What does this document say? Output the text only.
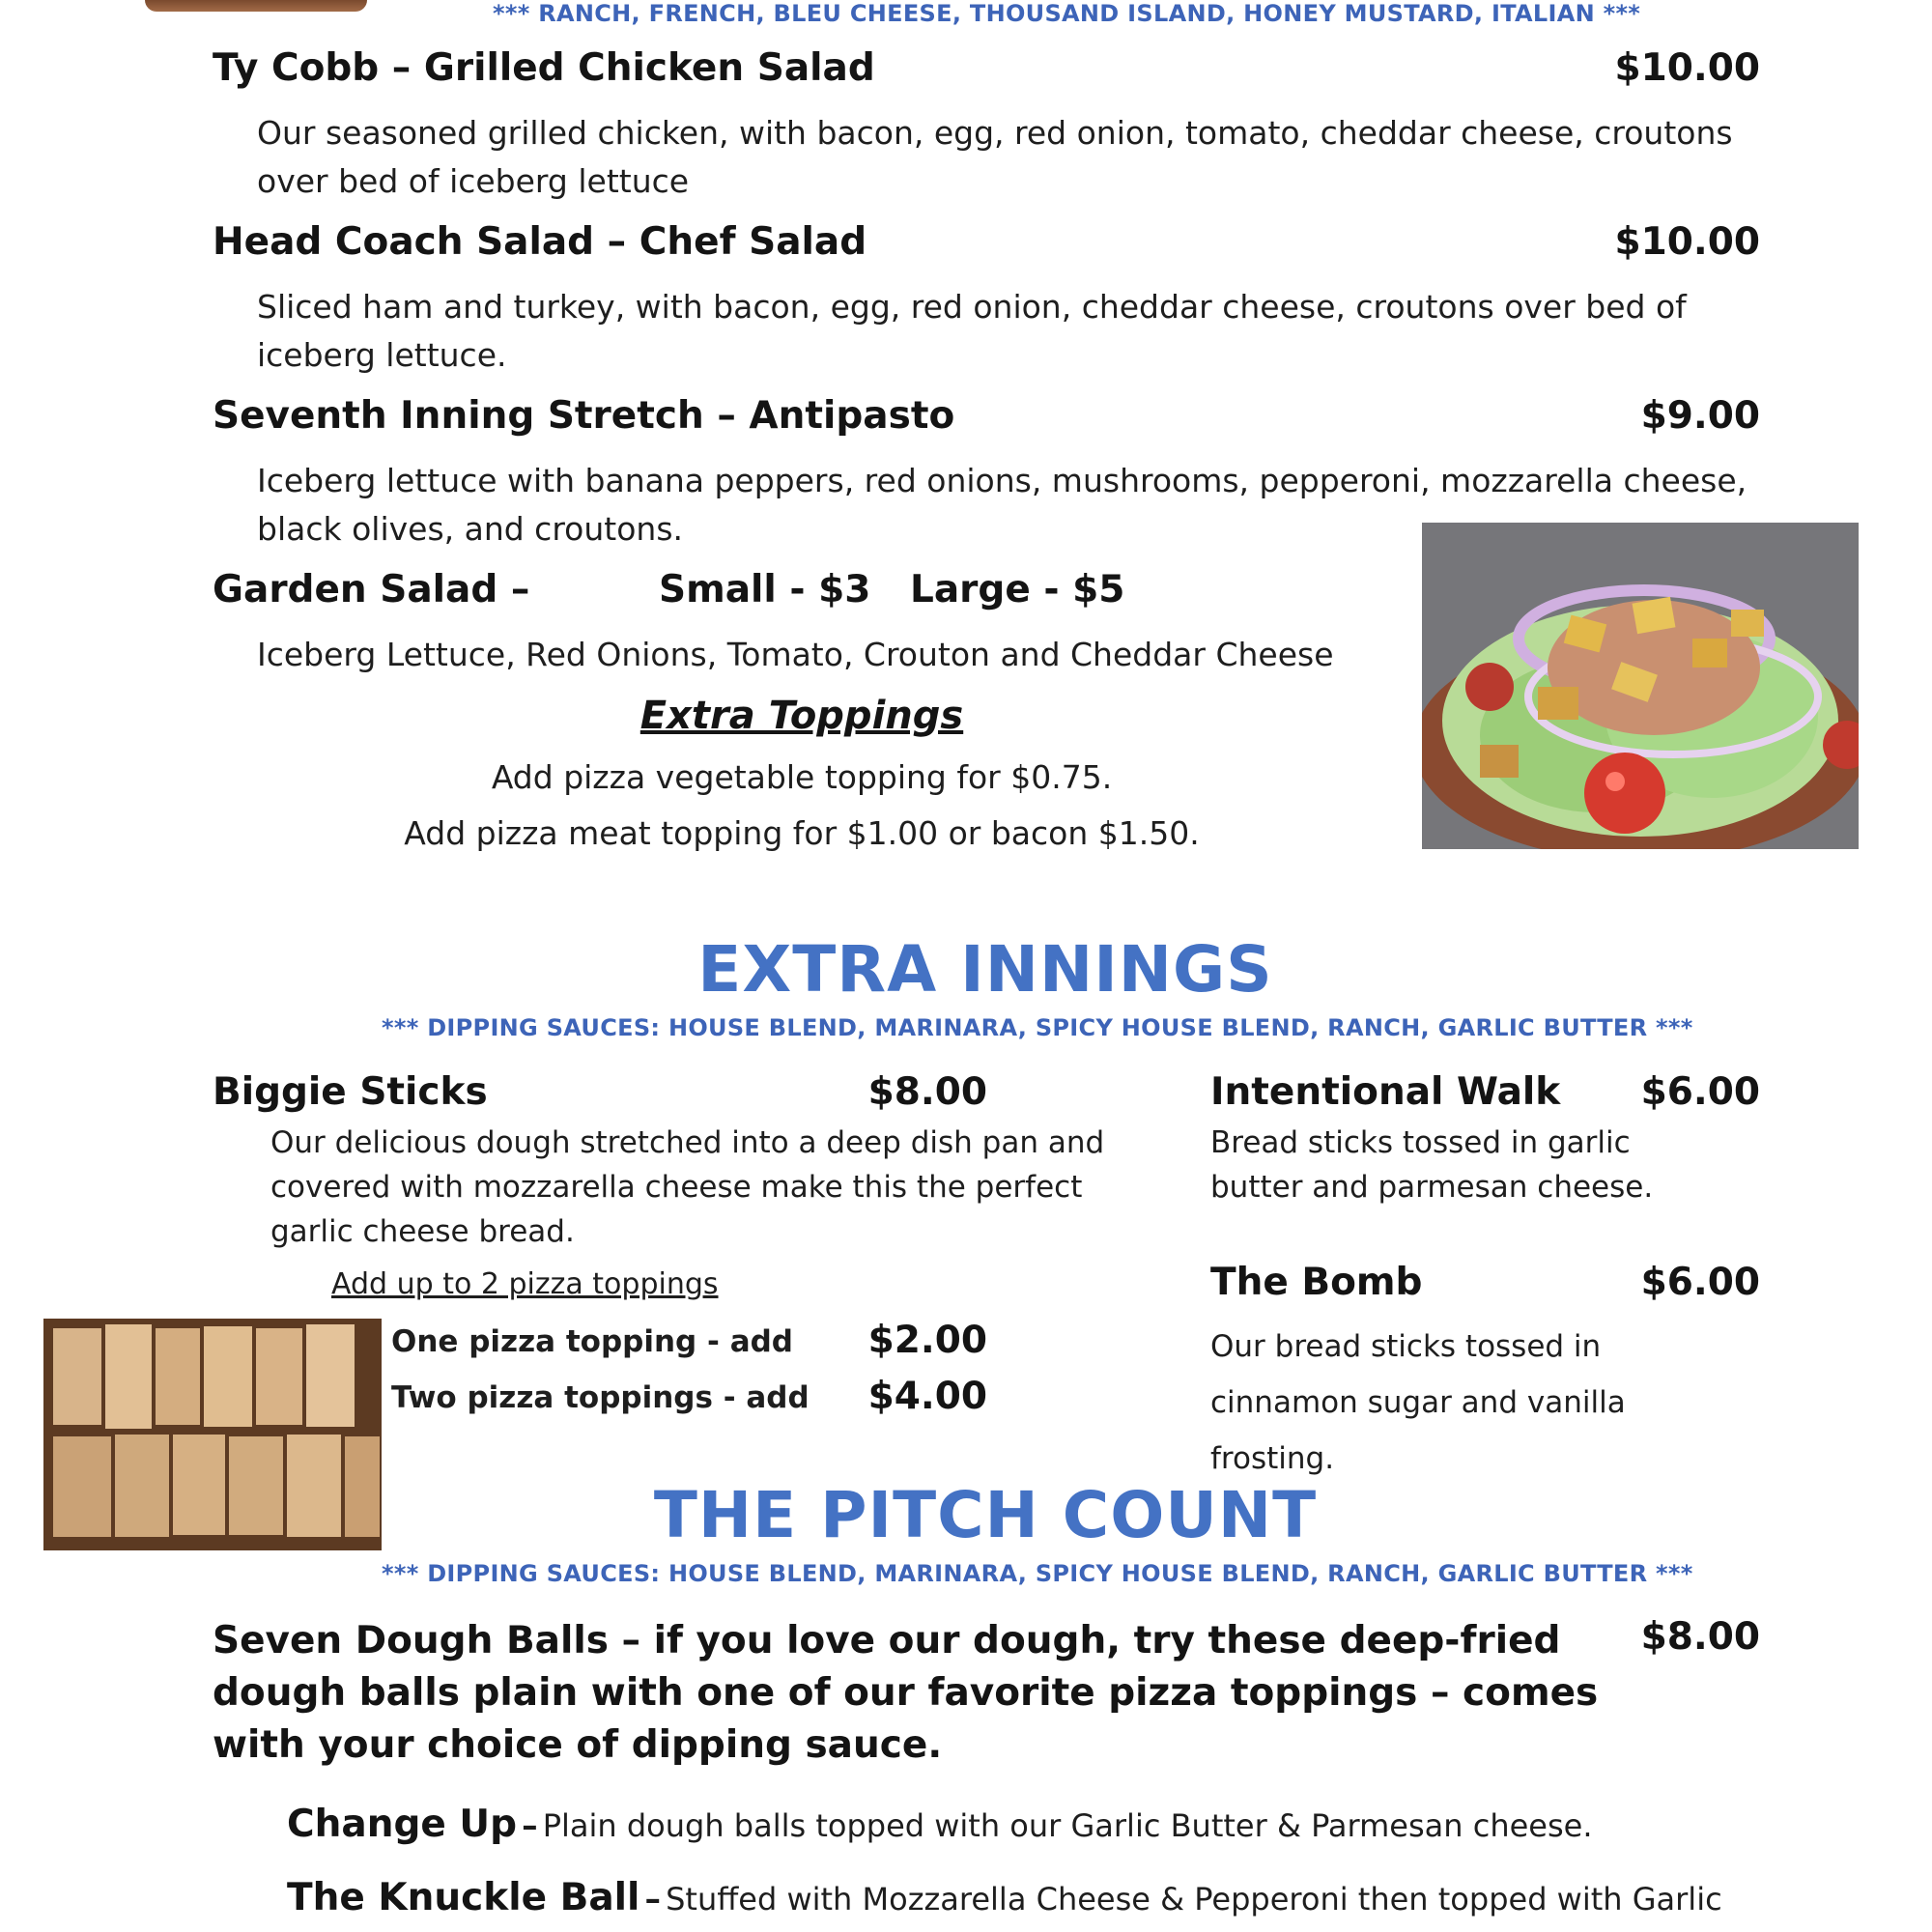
*** RANCH, FRENCH, BLEU CHEESE, THOUSAND ISLAND, HONEY MUSTARD, ITALIAN ***
Ty Cobb – Grilled Chicken Salad	$10.00
Our seasoned grilled chicken, with bacon, egg, red onion, tomato, cheddar cheese, croutons over bed of iceberg lettuce
Head Coach Salad – Chef Salad	$10.00
Sliced ham and turkey, with bacon, egg, red onion, cheddar cheese, croutons over bed of iceberg lettuce.
Seventh Inning Stretch – Antipasto	$9.00
Iceberg lettuce with banana peppers, red onions, mushrooms, pepperoni, mozzarella cheese, black olives, and croutons.
Garden Salad –	Small - $3 Large - $5
Iceberg Lettuce, Red Onions, Tomato, Crouton and Cheddar Cheese
Extra Toppings
Add pizza vegetable topping for $0.75.
Add pizza meat topping for $1.00 or bacon $1.50.
EXTRA INNINGS
*** DIPPING SAUCES: HOUSE BLEND, MARINARA, SPICY HOUSE BLEND, RANCH, GARLIC BUTTER ***
Biggie Sticks	$8.00
Our delicious dough stretched into a deep dish pan and covered with mozzarella cheese make this the perfect garlic cheese bread.
Add up to 2 pizza toppings
One pizza topping - add	$2.00
Two pizza toppings - add	$4.00
Intentional Walk	$6.00
Bread sticks tossed in garlic butter and parmesan cheese.
The Bomb	$6.00
Our bread sticks tossed in cinnamon sugar and vanilla frosting.
THE PITCH COUNT
*** DIPPING SAUCES: HOUSE BLEND, MARINARA, SPICY HOUSE BLEND, RANCH, GARLIC BUTTER ***
Seven Dough Balls – if you love our dough, try these deep-fried dough balls plain with one of our favorite pizza toppings – comes with your choice of dipping sauce.
$8.00
Change Up – Plain dough balls topped with our Garlic Butter & Parmesan cheese.
The Knuckle Ball – Stuffed with Mozzarella Cheese & Pepperoni then topped with Garlic
